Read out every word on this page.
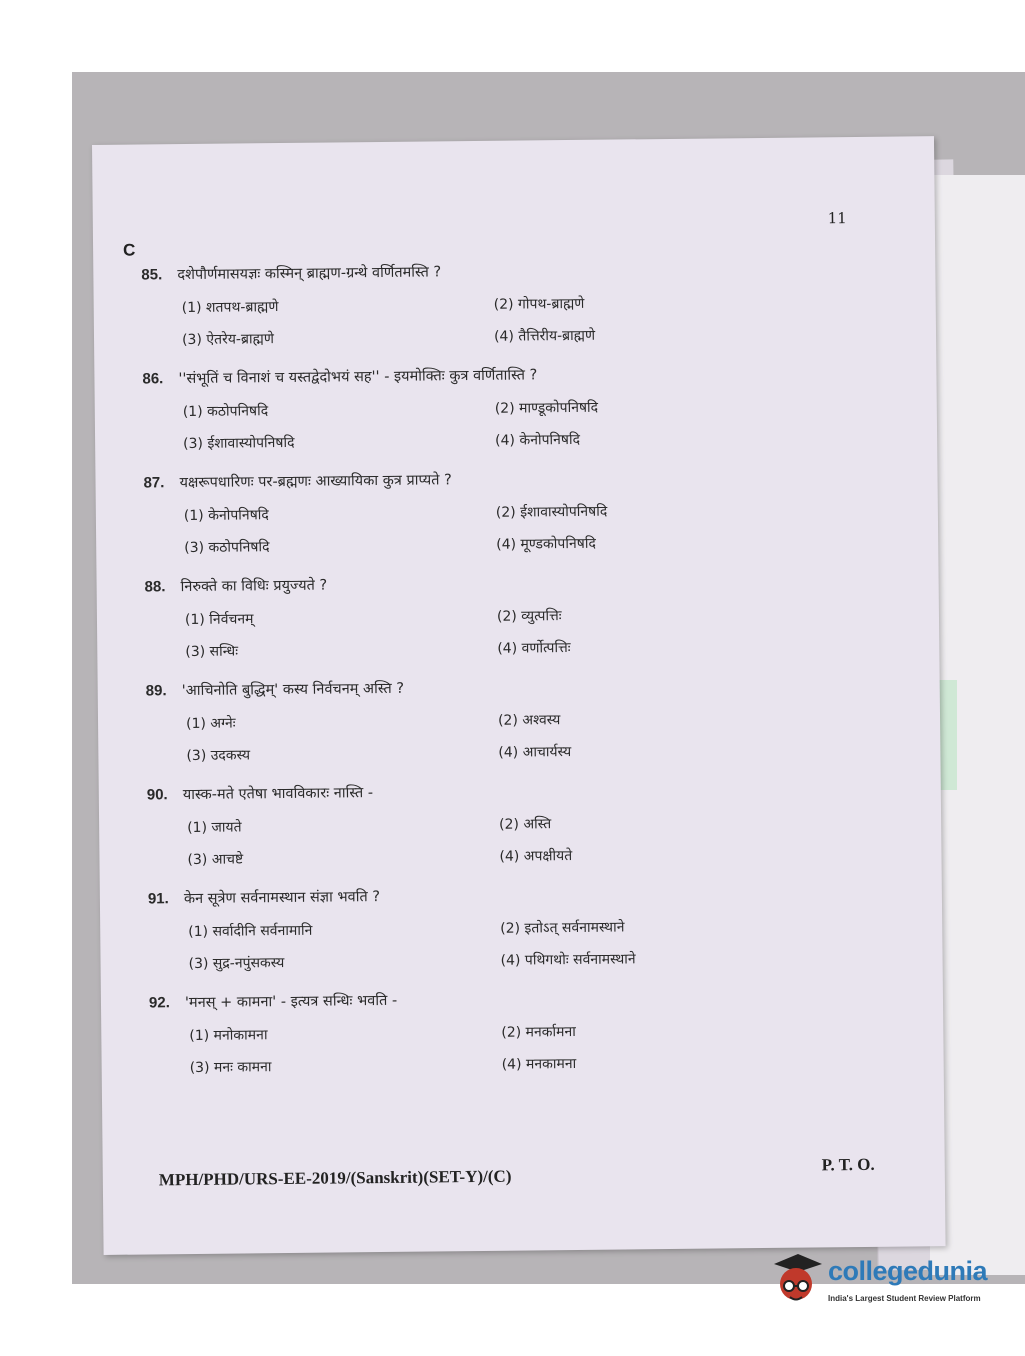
11
C
85.	दशेपौर्णमासयज्ञः कस्मिन् ब्राह्मण-ग्रन्थे वर्णितमस्ति ?
(1) शतपथ-ब्राह्मणे	(2) गोपथ-ब्राह्मणे
(3) ऐतरेय-ब्राह्मणे	(4) तैत्तिरीय-ब्राह्मणे
86.	''संभूतिं च विनाशं च यस्तद्वेदोभयं सह'' - इयमोक्तिः कुत्र वर्णितास्ति ?
(1) कठोपनिषदि	(2) माण्डूकोपनिषदि
(3) ईशावास्योपनिषदि	(4) केनोपनिषदि
87.	यक्षरूपधारिणः पर-ब्रह्मणः आख्यायिका कुत्र प्राप्यते ?
(1) केनोपनिषदि	(2) ईशावास्योपनिषदि
(3) कठोपनिषदि	(4) मूण्डकोपनिषदि
88.	निरुक्ते का विधिः प्रयुज्यते ?
(1) निर्वचनम्	(2) व्युत्पत्तिः
(3) सन्धिः	(4) वर्णोत्पत्तिः
89.	'आचिनोति बुद्धिम्' कस्य निर्वचनम् अस्ति ?
(1) अग्नेः	(2) अश्वस्य
(3) उदकस्य	(4) आचार्यस्य
90.	यास्क-मते एतेषा भावविकारः नास्ति -
(1) जायते	(2) अस्ति
(3) आचष्टे	(4) अपक्षीयते
91.	केन सूत्रेण सर्वनामस्थान संज्ञा भवति ?
(1) सर्वादीनि सर्वनामानि	(2) इतोऽत् सर्वनामस्थाने
(3) सुद्र-नपुंसकस्य	(4) पथिगथोः सर्वनामस्थाने
92.	'मनस् + कामना' - इत्यत्र सन्धिः भवति -
(1) मनोकामना	(2) मनर्कामना
(3) मनः कामना	(4) मनकामना
MPH/PHD/URS-EE-2019/(Sanskrit)(SET-Y)/(C)
P. T. O.
collegedunia
India's Largest Student Review Platform
